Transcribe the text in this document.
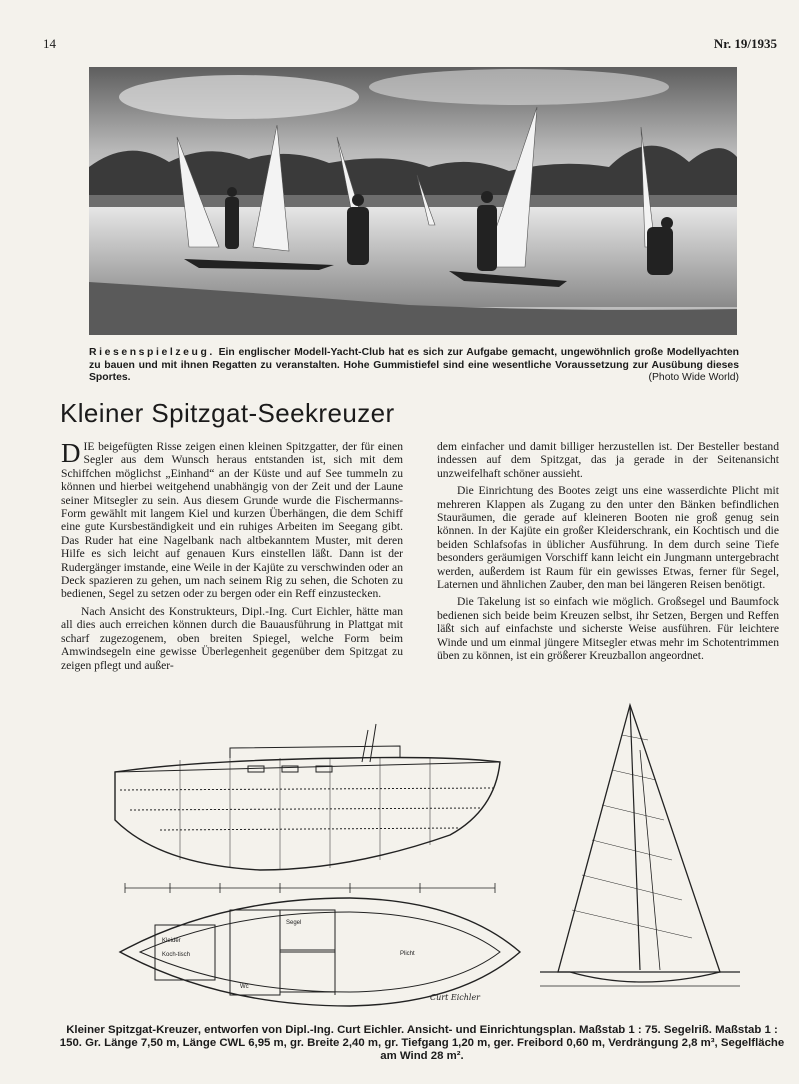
14	Nr. 19/1935
Riesenspielzeug. Ein englischer Modell-Yacht-Club hat es sich zur Aufgabe gemacht, ungewöhnlich große Modellyachten zu bauen und mit ihnen Regatten zu veranstalten. Hohe Gummistiefel sind eine wesentliche Voraussetzung zur Ausübung dieses Sportes.	(Photo Wide World)
Kleiner Spitzgat-Seekreuzer

DIE beigefügten Risse zeigen einen kleinen Spitzgatter, der für einen Segler aus dem Wunsch heraus entstanden ist, sich mit dem Schiffchen möglichst „Einhand“ an der Küste und auf See tummeln zu können und hierbei weitgehend unabhängig von der Zeit und der Laune seiner Mitsegler zu sein. Aus diesem Grunde wurde die Fischermanns-Form gewählt mit langem Kiel und kurzen Überhängen, die dem Schiff eine gute Kursbeständigkeit und ein ruhiges Arbeiten im Seegang gibt. Das Ruder hat eine Nagelbank nach altbekanntem Muster, mit deren Hilfe es sich leicht auf genauen Kurs einstellen läßt. Dann ist der Rudergänger imstande, eine Weile in der Kajüte zu verschwinden oder an Deck spazieren zu gehen, um nach seinem Rig zu sehen, die Schoten zu bedienen, Segel zu setzen oder zu bergen oder ein Reff einzustecken.

Nach Ansicht des Konstrukteurs, Dipl.-Ing. Curt Eichler, hätte man all dies auch erreichen können durch die Bauausführung in Plattgat mit scharf zugezogenem, oben breiten Spiegel, welche Form beim Amwindsegeln eine gewisse Überlegenheit gegenüber dem Spitzgat zu zeigen pflegt und außer-

dem einfacher und damit billiger herzustellen ist. Der Besteller bestand indessen auf dem Spitzgat, das ja gerade in der Seitenansicht unzweifelhaft schöner aussieht.

Die Einrichtung des Bootes zeigt uns eine wasserdichte Plicht mit mehreren Klappen als Zugang zu den unter den Bänken befindlichen Stauräumen, die gerade auf kleineren Booten nie groß genug sein können. In der Kajüte ein großer Kleiderschrank, ein Kochtisch und die beiden Schlafsofas in üblicher Ausführung. In dem durch seine Tiefe besonders geräumigen Vorschiff kann leicht ein Jungmann untergebracht werden, außerdem ist Raum für ein gewisses Etwas, ferner für Segel, Laternen und ähnlichen Zauber, den man bei längeren Reisen benötigt.

Die Takelung ist so einfach wie möglich. Großsegel und Baumfock bedienen sich beide beim Kreuzen selbst, ihr Setzen, Bergen und Reffen läßt sich auf einfachste und sicherste Weise ausführen. Für leichtere Winde und um einmal jüngere Mitsegler etwas mehr im Schotentrimmen üben zu können, ist ein größerer Kreuzballon angeordnet.

Kleider
Koch-tisch
Wc
Segel
Plicht
Curt Eichler
Kleiner Spitzgat-Kreuzer, entworfen von Dipl.-Ing. Curt Eichler. Ansicht- und Einrichtungsplan. Maßstab 1 : 75. Segelriß. Maßstab 1 : 150. Gr. Länge 7,50 m, Länge CWL 6,95 m, gr. Breite 2,40 m, gr. Tiefgang 1,20 m, ger. Freibord 0,60 m, Verdrängung 2,8 m³, Segelfläche am Wind 28 m².
